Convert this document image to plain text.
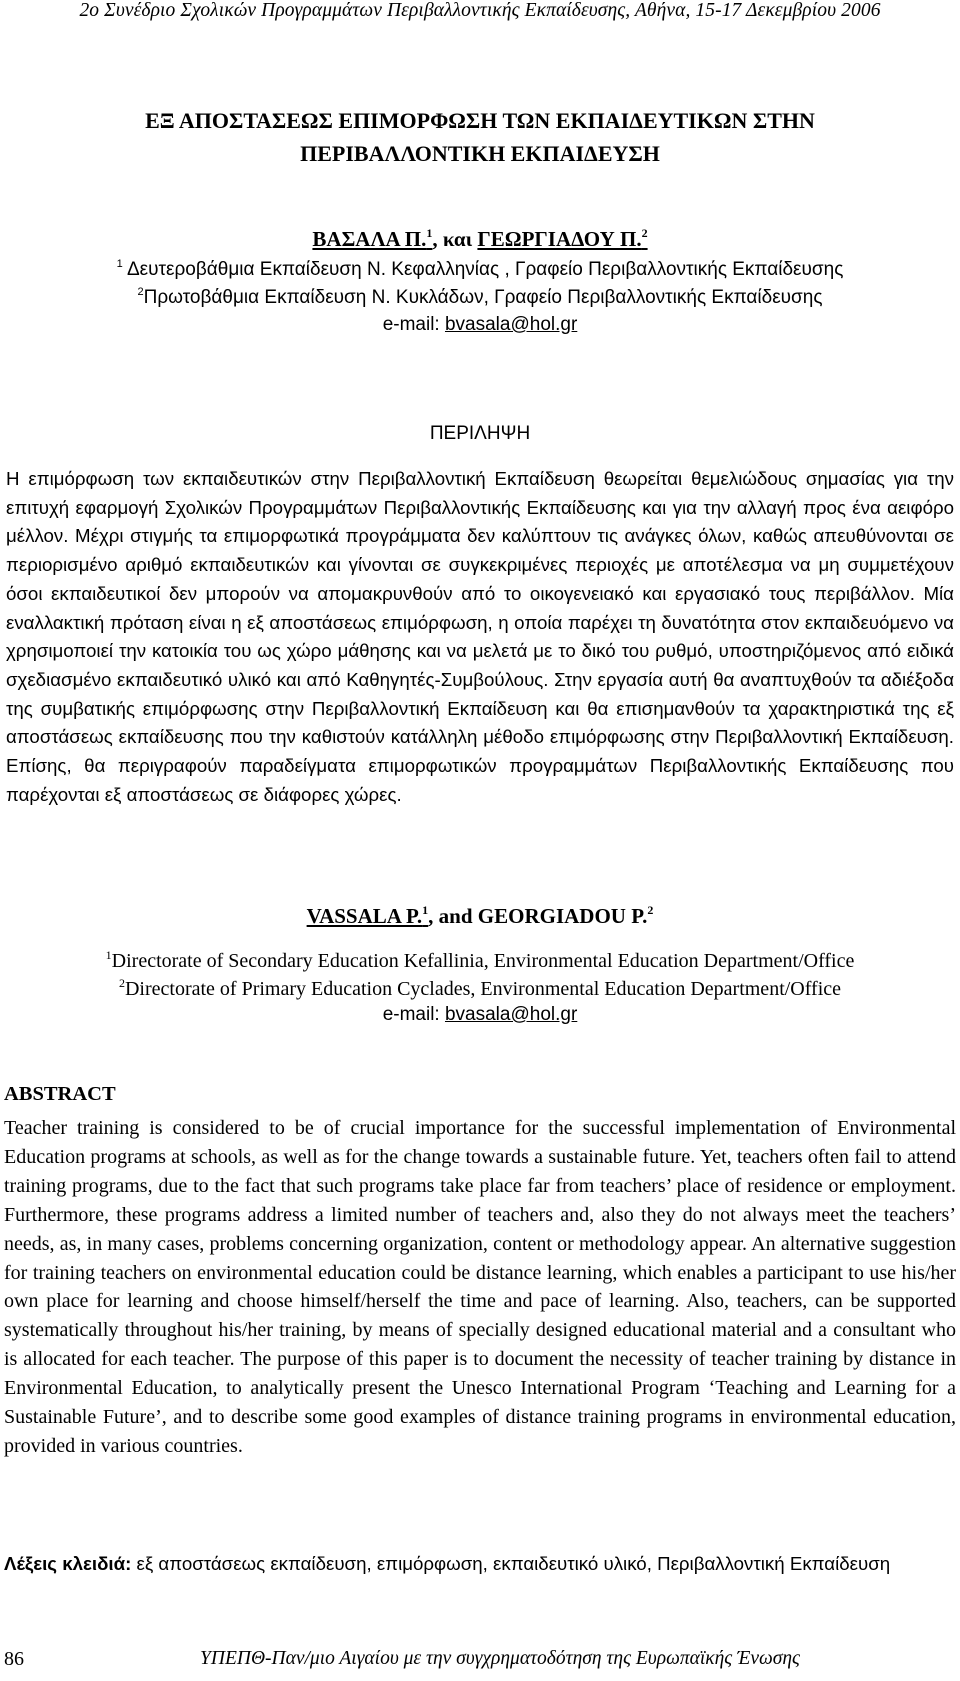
2ο Συνέδριο Σχολικών Προγραμμάτων Περιβαλλοντικής Εκπαίδευσης, Αθήνα, 15-17 Δεκεμβρίου 2006
ΕΞ ΑΠΟΣΤΑΣΕΩΣ ΕΠΙΜΟΡΦΩΣΗ ΤΩΝ ΕΚΠΑΙΔΕΥΤΙΚΩΝ ΣΤΗΝ
ΠΕΡΙΒΑΛΛΟΝΤΙΚΗ ΕΚΠΑΙΔΕΥΣΗ
ΒΑΣΑΛΑ Π.$^1$, και ΓΕΩΡΓΙΑΔΟΥ Π.$^2$
$^1$ Δευτεροβάθμια Εκπαίδευση Ν. Κεφαλληνίας , Γραφείο Περιβαλλοντικής Εκπαίδευσης
$^2$Πρωτοβάθμια Εκπαίδευση Ν. Κυκλάδων, Γραφείο Περιβαλλοντικής Εκπαίδευσης
e-mail: bvasala@hol.gr
ΠΕΡΙΛΗΨΗ
Η επιμόρφωση των εκπαιδευτικών στην Περιβαλλοντική Εκπαίδευση θεωρείται θεμελιώδους σημασίας για την επιτυχή εφαρμογή Σχολικών Προγραμμάτων Περιβαλλοντικής Εκπαίδευσης και για την αλλαγή προς ένα αειφόρο μέλλον. Μέχρι στιγμής τα επιμορφωτικά προγράμματα δεν καλύπτουν τις ανάγκες όλων, καθώς απευθύνονται σε περιορισμένο αριθμό εκπαιδευτικών και γίνονται σε συγκεκριμένες περιοχές με αποτέλεσμα να μη συμμετέχουν όσοι εκπαιδευτικοί δεν μπορούν να απομακρυνθούν από το οικογενειακό και εργασιακό τους περιβάλλον. Μία εναλλακτική πρόταση είναι η εξ αποστάσεως επιμόρφωση, η οποία παρέχει τη δυνατότητα στον εκπαιδευόμενο να χρησιμοποιεί την κατοικία του ως χώρο μάθησης και να μελετά με το δικό του ρυθμό, υποστηριζόμενος από ειδικά σχεδιασμένο εκπαιδευτικό υλικό και από Καθηγητές-Συμβούλους. Στην εργασία αυτή θα αναπτυχθούν τα αδιέξοδα της συμβατικής επιμόρφωσης στην Περιβαλλοντική Εκπαίδευση και θα επισημανθούν τα χαρακτηριστικά της εξ αποστάσεως εκπαίδευσης που την καθιστούν κατάλληλη μέθοδο επιμόρφωσης στην Περιβαλλοντική Εκπαίδευση. Επίσης, θα περιγραφούν παραδείγματα επιμορφωτικών προγραμμάτων Περιβαλλοντικής Εκπαίδευσης που παρέχονται εξ αποστάσεως σε διάφορες χώρες.
VASSALA P.$^1$, and GEORGIADOU P.$^2$
$^1$Directorate of Secondary Education Kefallinia, Environmental Education Department/Office
$^2$Directorate of Primary Education Cyclades, Environmental Education Department/Office
e-mail: bvasala@hol.gr
ABSTRACT
Teacher training is considered to be of crucial importance for the successful implementation of Environmental Education programs at schools, as well as for the change towards a sustainable future. Yet, teachers often fail to attend training programs, due to the fact that such programs take place far from teachers’ place of residence or employment. Furthermore, these programs address a limited number of teachers and, also they do not always meet the teachers’ needs, as, in many cases, problems concerning organization, content or methodology appear. An alternative suggestion for training teachers on environmental education could be distance learning, which enables a participant to use his/her own place for learning and choose himself/herself the time and pace of learning. Also, teachers, can be supported systematically throughout his/her training, by means of specially designed educational material and a consultant who is allocated for each teacher. The purpose of this paper is to document the necessity of teacher training by distance in Environmental Education, to analytically present the Unesco International Program ‘Teaching and Learning for a Sustainable Future’, and to describe some good examples of distance training programs in environmental education, provided in various countries.
Λέξεις κλειδιά: εξ αποστάσεως εκπαίδευση, επιμόρφωση, εκπαιδευτικό υλικό, Περιβαλλοντική Εκπαίδευση
86	ΥΠΕΠΘ-Παν/μιο Αιγαίου με την συγχρηματοδότηση της Ευρωπαϊκής Ένωσης
